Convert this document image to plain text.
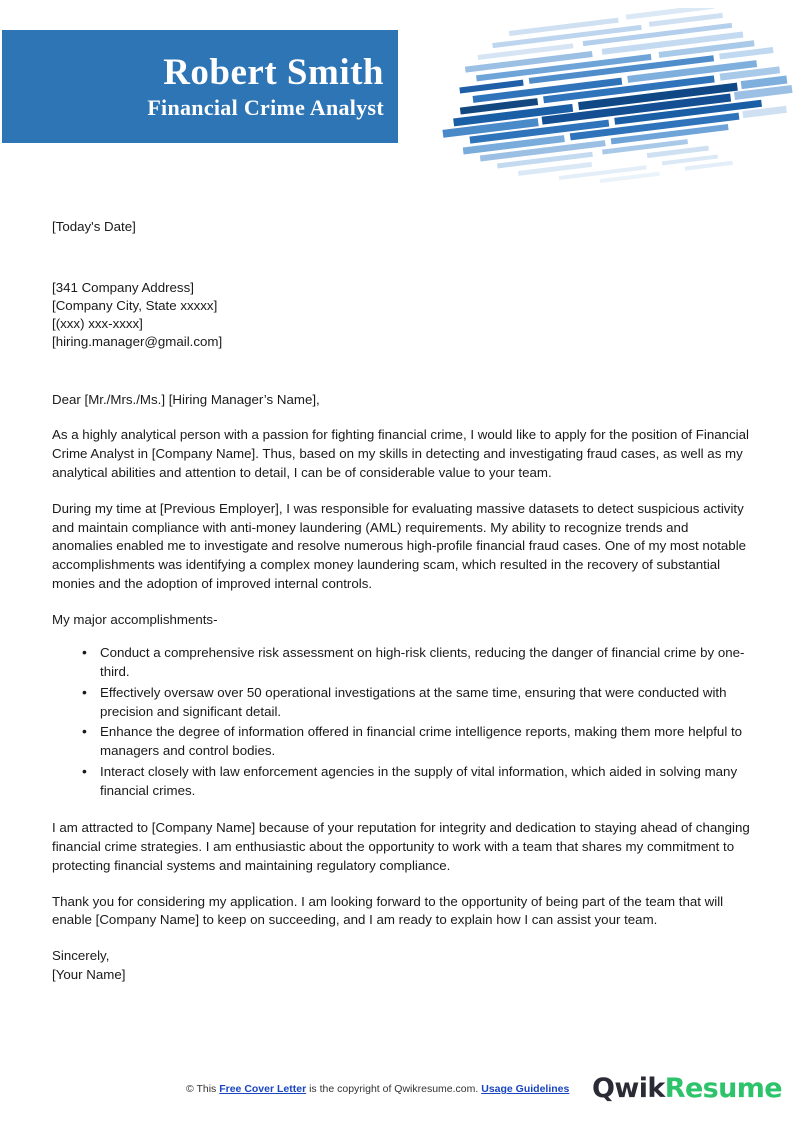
Robert Smith
Financial Crime Analyst
[Today's Date]
[341 Company Address]
[Company City, State xxxxx]
[(xxx) xxx-xxxx]
[hiring.manager@gmail.com]
Dear [Mr./Mrs./Ms.] [Hiring Manager’s Name],

As a highly analytical person with a passion for fighting financial crime, I would like to apply for the position of Financial Crime Analyst in [Company Name]. Thus, based on my skills in detecting and investigating fraud cases, as well as my analytical abilities and attention to detail, I can be of considerable value to your team.

During my time at [Previous Employer], I was responsible for evaluating massive datasets to detect suspicious activity and maintain compliance with anti-money laundering (AML) requirements. My ability to recognize trends and anomalies enabled me to investigate and resolve numerous high-profile financial fraud cases. One of my most notable accomplishments was identifying a complex money laundering scam, which resulted in the recovery of substantial monies and the adoption of improved internal controls.

My major accomplishments-
• Conduct a comprehensive risk assessment on high-risk clients, reducing the danger of financial crime by one-third.
• Effectively oversaw over 50 operational investigations at the same time, ensuring that were conducted with precision and significant detail.
• Enhance the degree of information offered in financial crime intelligence reports, making them more helpful to managers and control bodies.
• Interact closely with law enforcement agencies in the supply of vital information, which aided in solving many financial crimes.

I am attracted to [Company Name] because of your reputation for integrity and dedication to staying ahead of changing financial crime strategies. I am enthusiastic about the opportunity to work with a team that shares my commitment to protecting financial systems and maintaining regulatory compliance.

Thank you for considering my application. I am looking forward to the opportunity of being part of the team that will enable [Company Name] to keep on succeeding, and I am ready to explain how I can assist your team.

Sincerely,
[Your Name]
© This Free Cover Letter is the copyright of Qwikresume.com. Usage Guidelines QwikResume
